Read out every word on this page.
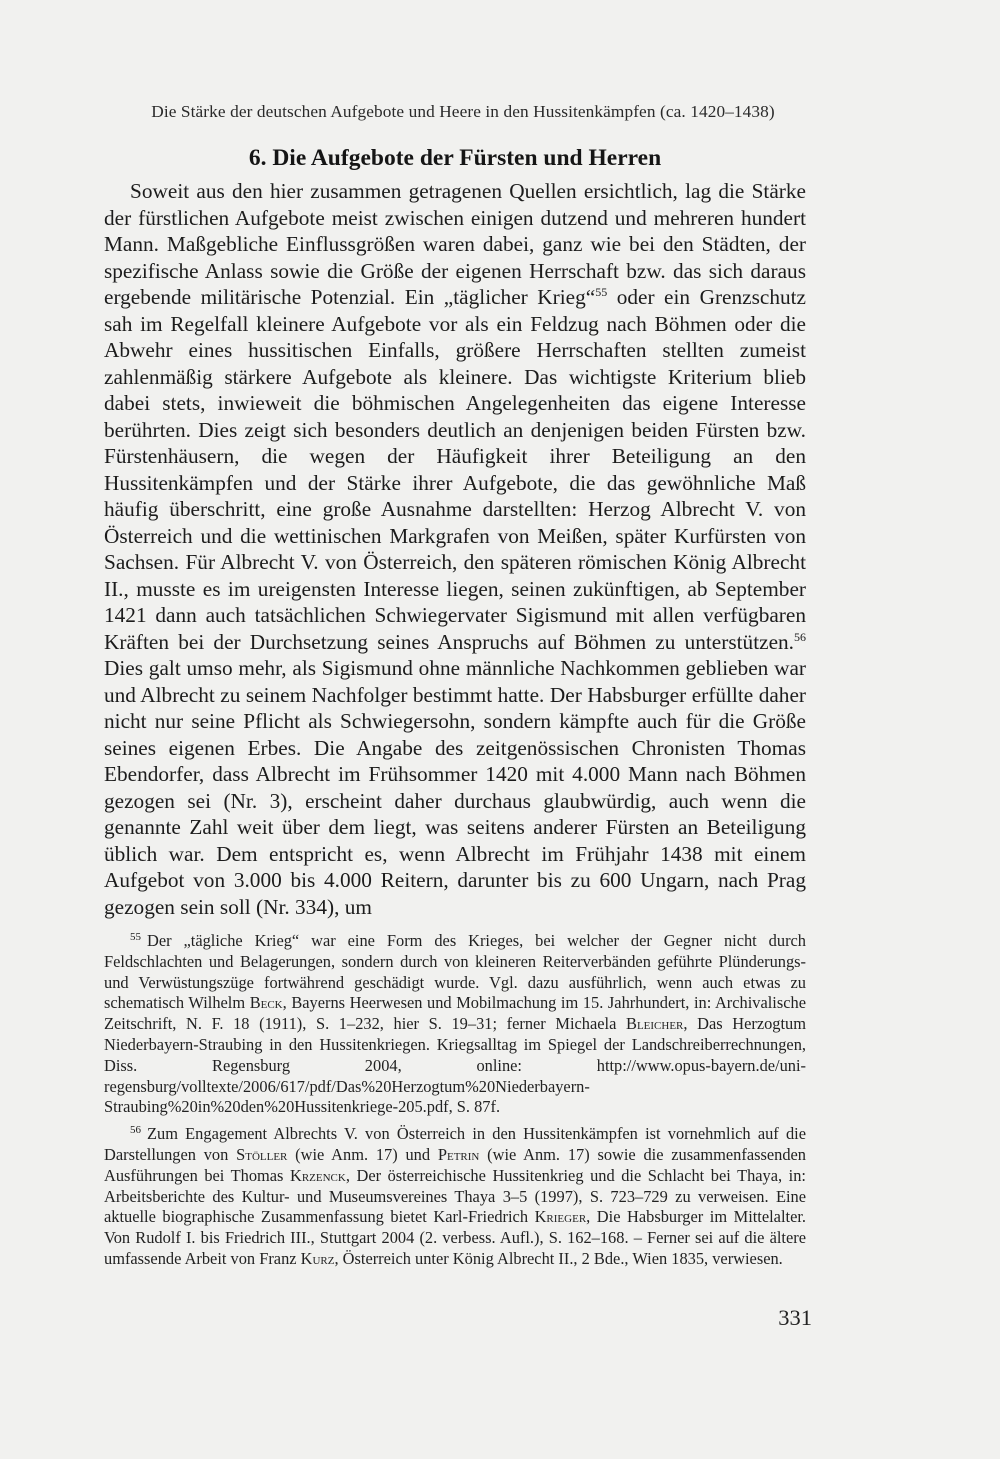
Die Stärke der deutschen Aufgebote und Heere in den Hussitenkämpfen (ca. 1420–1438)
6. Die Aufgebote der Fürsten und Herren

Soweit aus den hier zusammen getragenen Quellen ersichtlich, lag die Stärke der fürstlichen Aufgebote meist zwischen einigen dutzend und mehreren hundert Mann. Maßgebliche Einflussgrößen waren dabei, ganz wie bei den Städten, der spezifische Anlass sowie die Größe der eigenen Herrschaft bzw. das sich daraus ergebende militärische Potenzial. Ein „täglicher Krieg“$^{55}$ oder ein Grenzschutz sah im Regelfall kleinere Aufgebote vor als ein Feldzug nach Böhmen oder die Abwehr eines hussitischen Einfalls, größere Herrschaften stellten zumeist zahlenmäßig stärkere Aufgebote als kleinere. Das wichtigste Kriterium blieb dabei stets, inwieweit die böhmischen Angelegenheiten das eigene Interesse berührten. Dies zeigt sich besonders deutlich an denjenigen beiden Fürsten bzw. Fürstenhäusern, die wegen der Häufigkeit ihrer Beteiligung an den Hussitenkämpfen und der Stärke ihrer Aufgebote, die das gewöhnliche Maß häufig überschritt, eine große Ausnahme darstellten: Herzog Albrecht V. von Österreich und die wettinischen Markgrafen von Meißen, später Kurfürsten von Sachsen. Für Albrecht V. von Österreich, den späteren römischen König Albrecht II., musste es im ureigensten Interesse liegen, seinen zukünftigen, ab September 1421 dann auch tatsächlichen Schwiegervater Sigismund mit allen verfügbaren Kräften bei der Durchsetzung seines Anspruchs auf Böhmen zu unterstützen.$^{56}$ Dies galt umso mehr, als Sigismund ohne männliche Nachkommen geblieben war und Albrecht zu seinem Nachfolger bestimmt hatte. Der Habsburger erfüllte daher nicht nur seine Pflicht als Schwiegersohn, sondern kämpfte auch für die Größe seines eigenen Erbes. Die Angabe des zeitgenössischen Chronisten Thomas Ebendorfer, dass Albrecht im Frühsommer 1420 mit 4.000 Mann nach Böhmen gezogen sei (Nr. 3), erscheint daher durchaus glaubwürdig, auch wenn die genannte Zahl weit über dem liegt, was seitens anderer Fürsten an Beteiligung üblich war. Dem entspricht es, wenn Albrecht im Frühjahr 1438 mit einem Aufgebot von 3.000 bis 4.000 Reitern, darunter bis zu 600 Ungarn, nach Prag gezogen sein soll (Nr. 334), um

$^{55}$ Der „tägliche Krieg“ war eine Form des Krieges, bei welcher der Gegner nicht durch Feldschlachten und Belagerungen, sondern durch von kleineren Reiterverbänden geführte Plünderungs- und Verwüstungszüge fortwährend geschädigt wurde. Vgl. dazu ausführlich, wenn auch etwas zu schematisch Wilhelm Beck, Bayerns Heerwesen und Mobilmachung im 15. Jahrhundert, in: Archivalische Zeitschrift, N. F. 18 (1911), S. 1–232, hier S. 19–31; ferner Michaela Bleicher, Das Herzogtum Niederbayern-Straubing in den Hussitenkriegen. Kriegsalltag im Spiegel der Landschreiberrechnungen, Diss. Regensburg 2004, online: http://www.opus-bayern.de/uni-regensburg/volltexte/2006/617/pdf/Das%20Herzogtum%20Niederbayern-Straubing%20in%20den%20Hussitenkriege-205.pdf, S. 87f.

$^{56}$ Zum Engagement Albrechts V. von Österreich in den Hussitenkämpfen ist vornehmlich auf die Darstellungen von Stöller (wie Anm. 17) und Petrin (wie Anm. 17) sowie die zusammenfassenden Ausführungen bei Thomas Krzenck, Der österreichische Hussitenkrieg und die Schlacht bei Thaya, in: Arbeitsberichte des Kultur- und Museumsvereines Thaya 3–5 (1997), S. 723–729 zu verweisen. Eine aktuelle biographische Zusammenfassung bietet Karl-Friedrich Krieger, Die Habsburger im Mittelalter. Von Rudolf I. bis Friedrich III., Stuttgart 2004 (2. verbess. Aufl.), S. 162–168. – Ferner sei auf die ältere umfassende Arbeit von Franz Kurz, Österreich unter König Albrecht II., 2 Bde., Wien 1835, verwiesen.

331
